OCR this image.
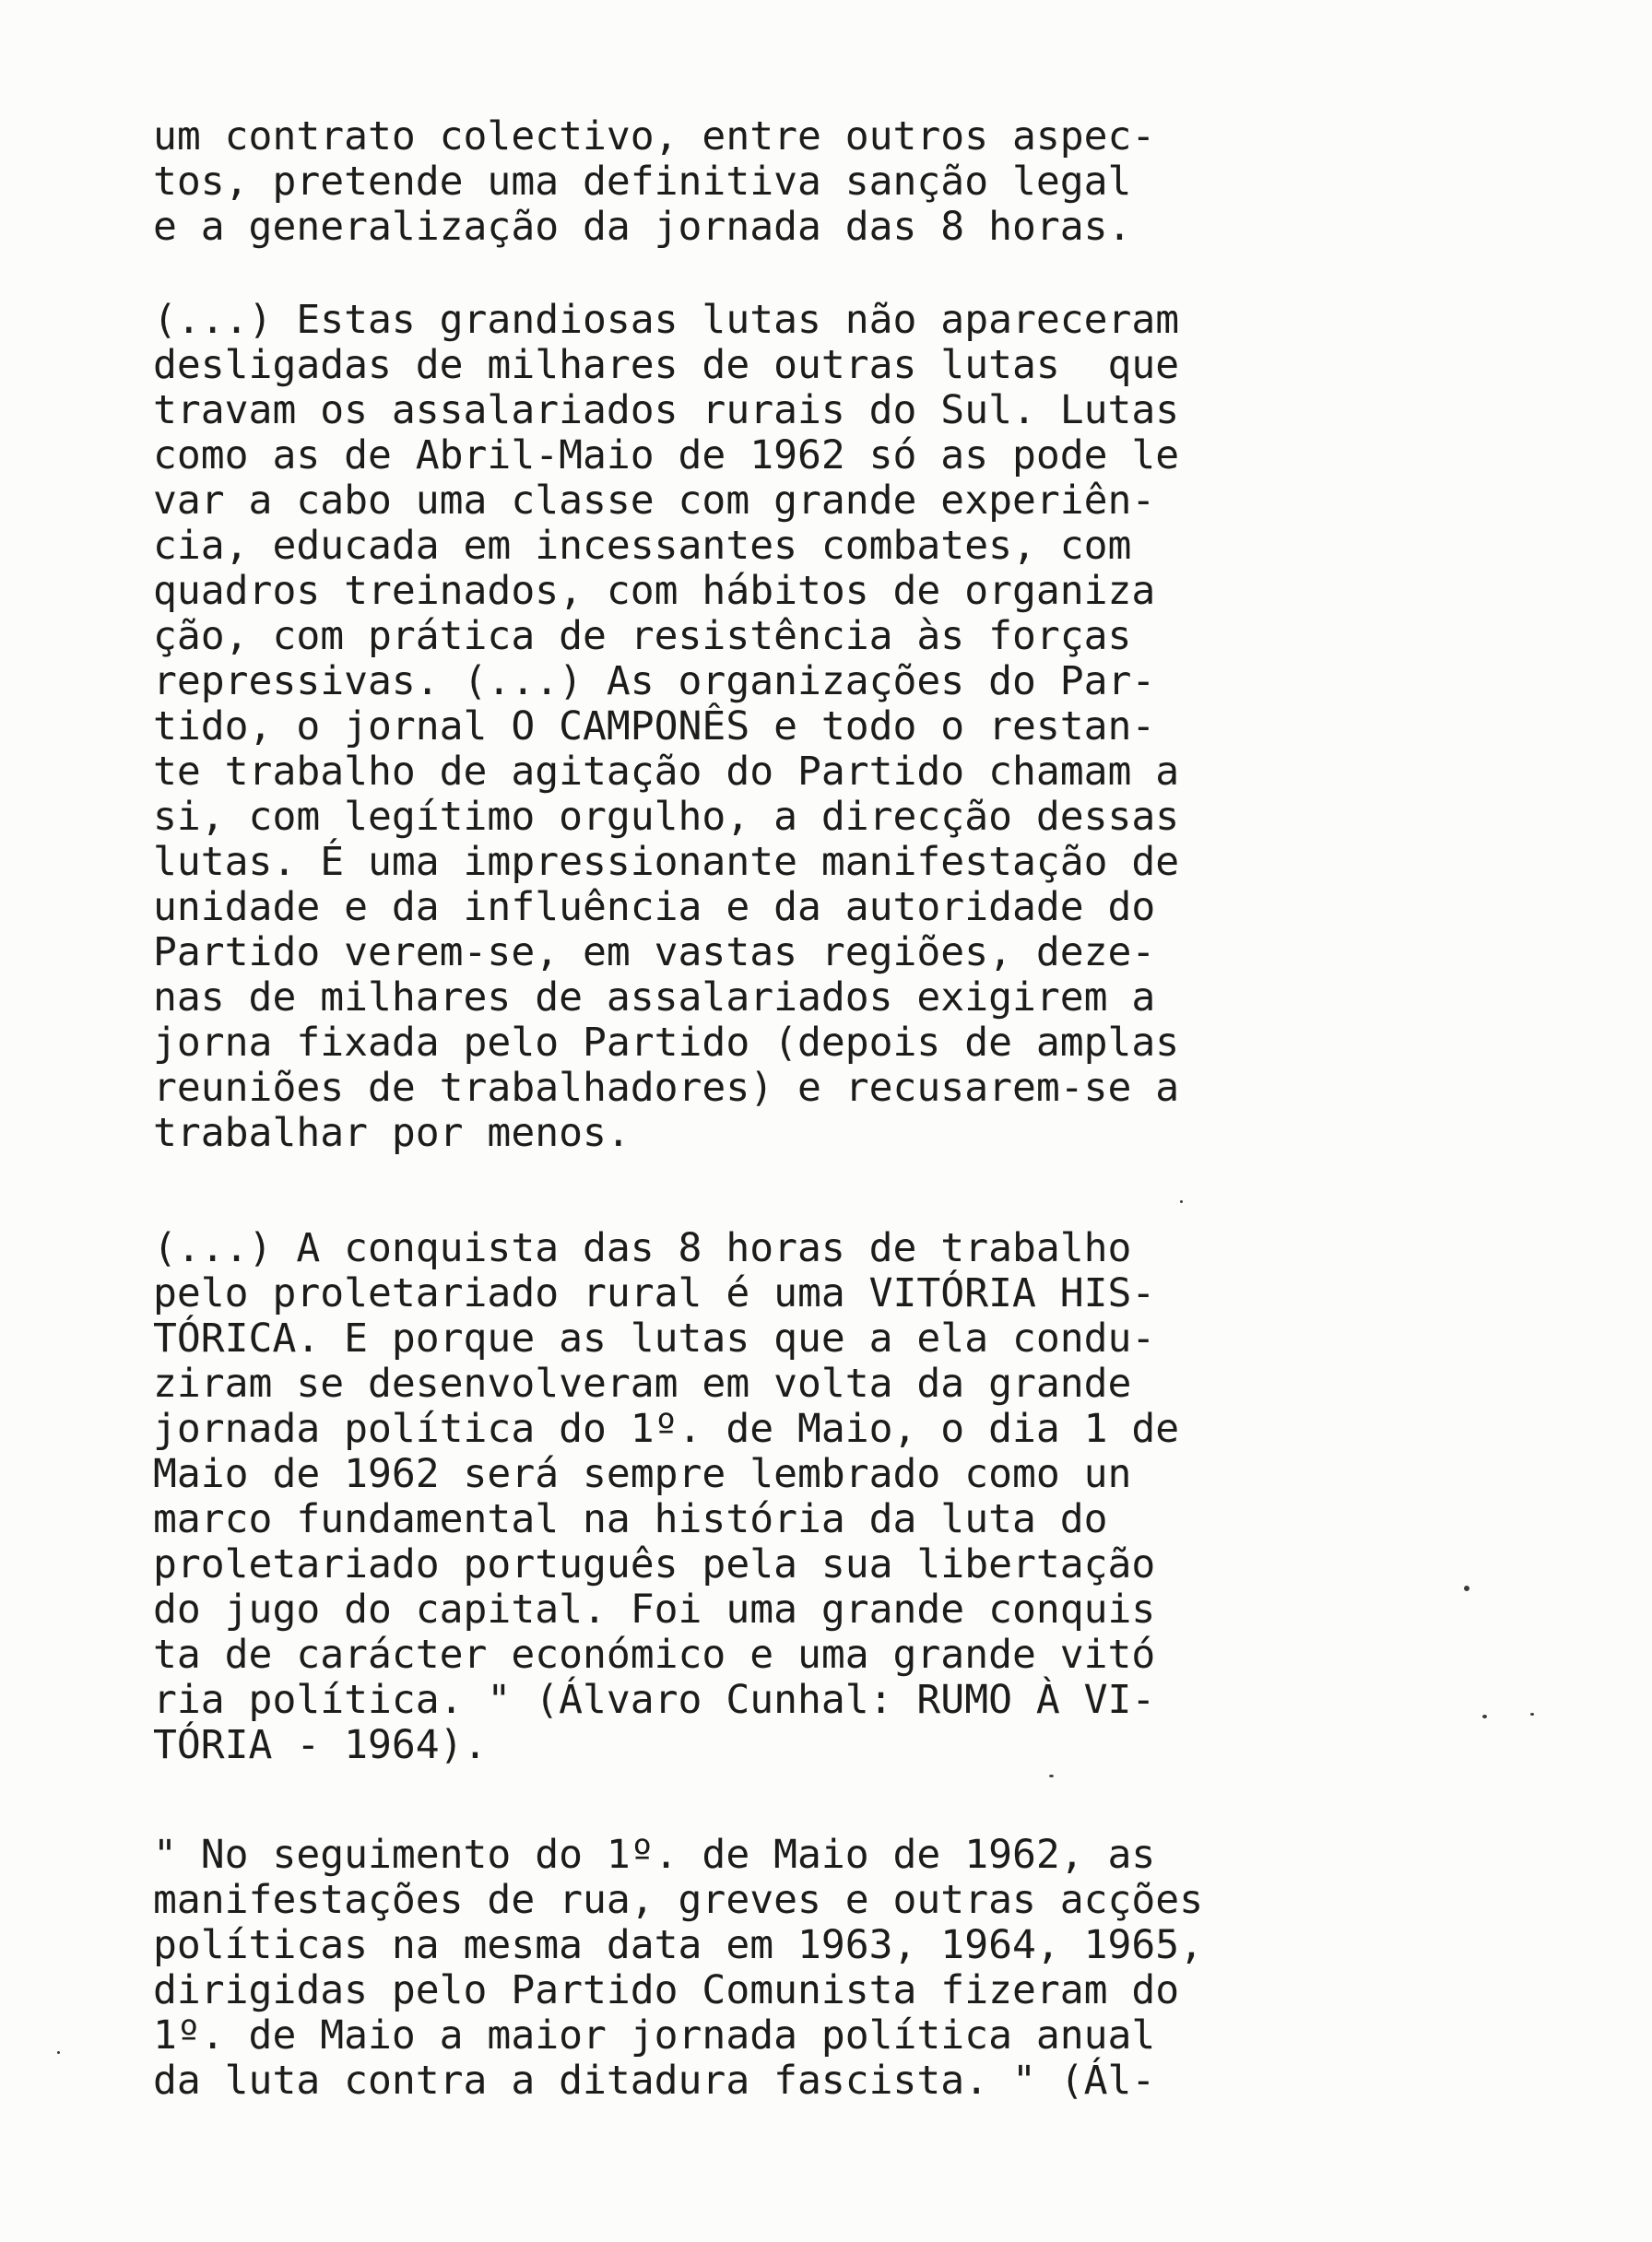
um contrato colectivo, entre outros aspec-
tos, pretende uma definitiva sanção legal
e a generalização da jornada das 8 horas.
(...) Estas grandiosas lutas não apareceram
desligadas de milhares de outras lutas  que
travam os assalariados rurais do Sul. Lutas
como as de Abril-Maio de 1962 só as pode le
var a cabo uma classe com grande experiên-
cia, educada em incessantes combates, com
quadros treinados, com hábitos de organiza
ção, com prática de resistência às forças
repressivas. (...) As organizações do Par-
tido, o jornal O CAMPONÊS e todo o restan-
te trabalho de agitação do Partido chamam a
si, com legítimo orgulho, a direcção dessas
lutas. É uma impressionante manifestação de
unidade e da influência e da autoridade do
Partido verem-se, em vastas regiões, deze-
nas de milhares de assalariados exigirem a
jorna fixada pelo Partido (depois de amplas
reuniões de trabalhadores) e recusarem-se a
trabalhar por menos.
(...) A conquista das 8 horas de trabalho
pelo proletariado rural é uma VITÓRIA HIS-
TÓRICA. E porque as lutas que a ela condu-
ziram se desenvolveram em volta da grande
jornada política do 1º. de Maio, o dia 1 de
Maio de 1962 será sempre lembrado como un
marco fundamental na história da luta do
proletariado português pela sua libertação
do jugo do capital. Foi uma grande conquis
ta de carácter económico e uma grande vitó
ria política. " (Álvaro Cunhal: RUMO À VI-
TÓRIA - 1964).
" No seguimento do 1º. de Maio de 1962, as
manifestações de rua, greves e outras acções
políticas na mesma data em 1963, 1964, 1965,
dirigidas pelo Partido Comunista fizeram do
1º. de Maio a maior jornada política anual
da luta contra a ditadura fascista. " (Ál-
